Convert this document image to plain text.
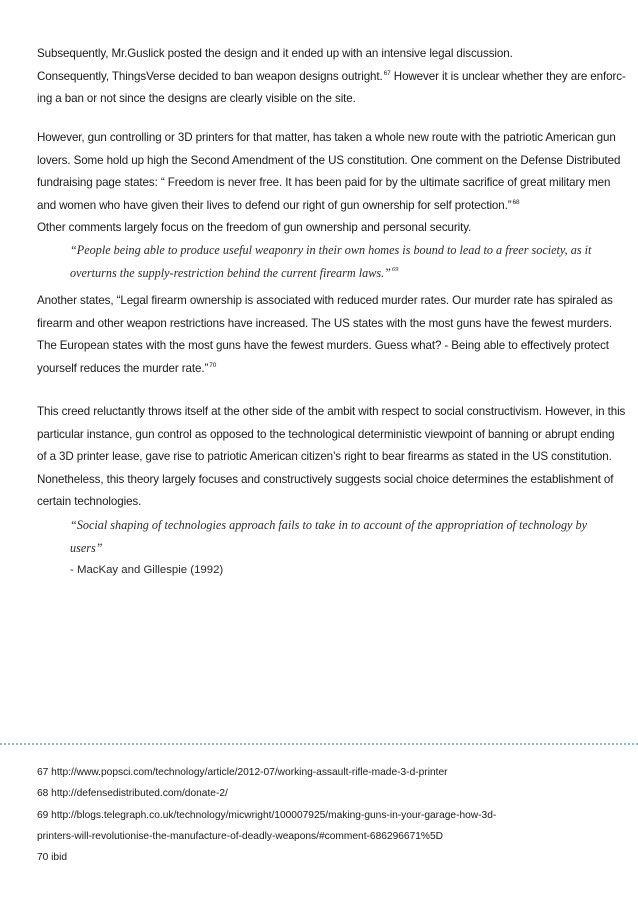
Subsequently, Mr.Guslick posted the design and it ended up with an intensive legal discussion.
Consequently, ThingsVerse decided to ban weapon designs outright.$^{67}$ However it is unclear whether they are enforc-
ing a ban or not since the designs are clearly visible on the site.
However, gun controlling or 3D printers for that matter, has taken a whole new route with the patriotic American gun
lovers. Some hold up high the Second Amendment of the US constitution. One comment on the Defense Distributed
fundraising page states: “ Freedom is never free. It has been paid for by the ultimate sacrifice of great military men
and women who have given their lives to defend our right of gun ownership for self protection.”$^{68}$
Other comments largely focus on the freedom of gun ownership and personal security.
“People being able to produce useful weaponry in their own homes is bound to lead to a freer society, as it
overturns the supply-restriction behind the current firearm laws.”$^{69}$
Another states, “Legal firearm ownership is associated with reduced murder rates. Our murder rate has spiraled as
firearm and other weapon restrictions have increased. The US states with the most guns have the fewest murders.
The European states with the most guns have the fewest murders. Guess what? - Being able to effectively protect
yourself reduces the murder rate.”$^{70}$
This creed reluctantly throws itself at the other side of the ambit with respect to social constructivism. However, in this
particular instance, gun control as opposed to the technological deterministic viewpoint of banning or abrupt ending
of a 3D printer lease, gave rise to patriotic American citizen’s right to bear firearms as stated in the US constitution.
Nonetheless, this theory largely focuses and constructively suggests social choice determines the establishment of
certain technologies.
“Social shaping of technologies approach fails to take in to account of the appropriation of technology by
users”
- MacKay and Gillespie (1992)
67 http://www.popsci.com/technology/article/2012-07/working-assault-rifle-made-3-d-printer
68 http://defensedistributed.com/donate-2/
69 http://blogs.telegraph.co.uk/technology/micwright/100007925/making-guns-in-your-garage-how-3d-
printers-will-revolutionise-the-manufacture-of-deadly-weapons/#comment-686296671%5D
70 ibid
